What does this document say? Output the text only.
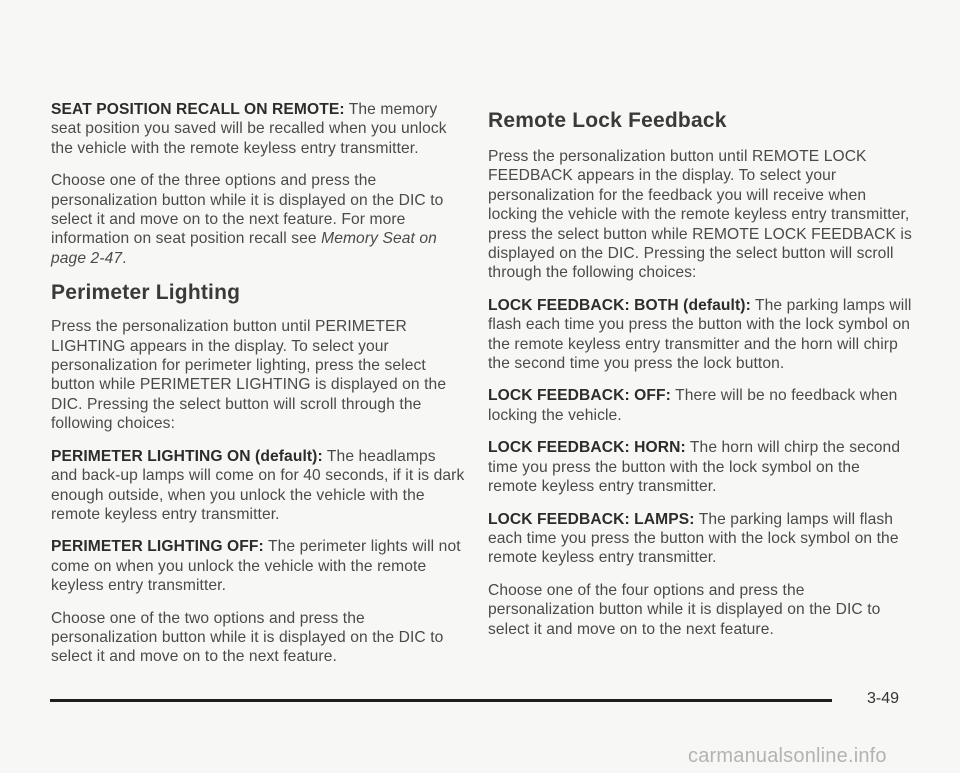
SEAT POSITION RECALL ON REMOTE: The memory seat position you saved will be recalled when you unlock the vehicle with the remote keyless entry transmitter.

Choose one of the three options and press the personalization button while it is displayed on the DIC to select it and move on to the next feature. For more information on seat position recall see Memory Seat on page 2-47.

Perimeter Lighting

Press the personalization button until PERIMETER LIGHTING appears in the display. To select your personalization for perimeter lighting, press the select button while PERIMETER LIGHTING is displayed on the DIC. Pressing the select button will scroll through the following choices:

PERIMETER LIGHTING ON (default): The headlamps and back-up lamps will come on for 40 seconds, if it is dark enough outside, when you unlock the vehicle with the remote keyless entry transmitter.

PERIMETER LIGHTING OFF: The perimeter lights will not come on when you unlock the vehicle with the remote keyless entry transmitter.

Choose one of the two options and press the personalization button while it is displayed on the DIC to select it and move on to the next feature.

Remote Lock Feedback

Press the personalization button until REMOTE LOCK FEEDBACK appears in the display. To select your personalization for the feedback you will receive when locking the vehicle with the remote keyless entry transmitter, press the select button while REMOTE LOCK FEEDBACK is displayed on the DIC. Pressing the select button will scroll through the following choices:

LOCK FEEDBACK: BOTH (default): The parking lamps will flash each time you press the button with the lock symbol on the remote keyless entry transmitter and the horn will chirp the second time you press the lock button.

LOCK FEEDBACK: OFF: There will be no feedback when locking the vehicle.

LOCK FEEDBACK: HORN: The horn will chirp the second time you press the button with the lock symbol on the remote keyless entry transmitter.

LOCK FEEDBACK: LAMPS: The parking lamps will flash each time you press the button with the lock symbol on the remote keyless entry transmitter.

Choose one of the four options and press the personalization button while it is displayed on the DIC to select it and move on to the next feature.

3-49
carmanualsonline.info
